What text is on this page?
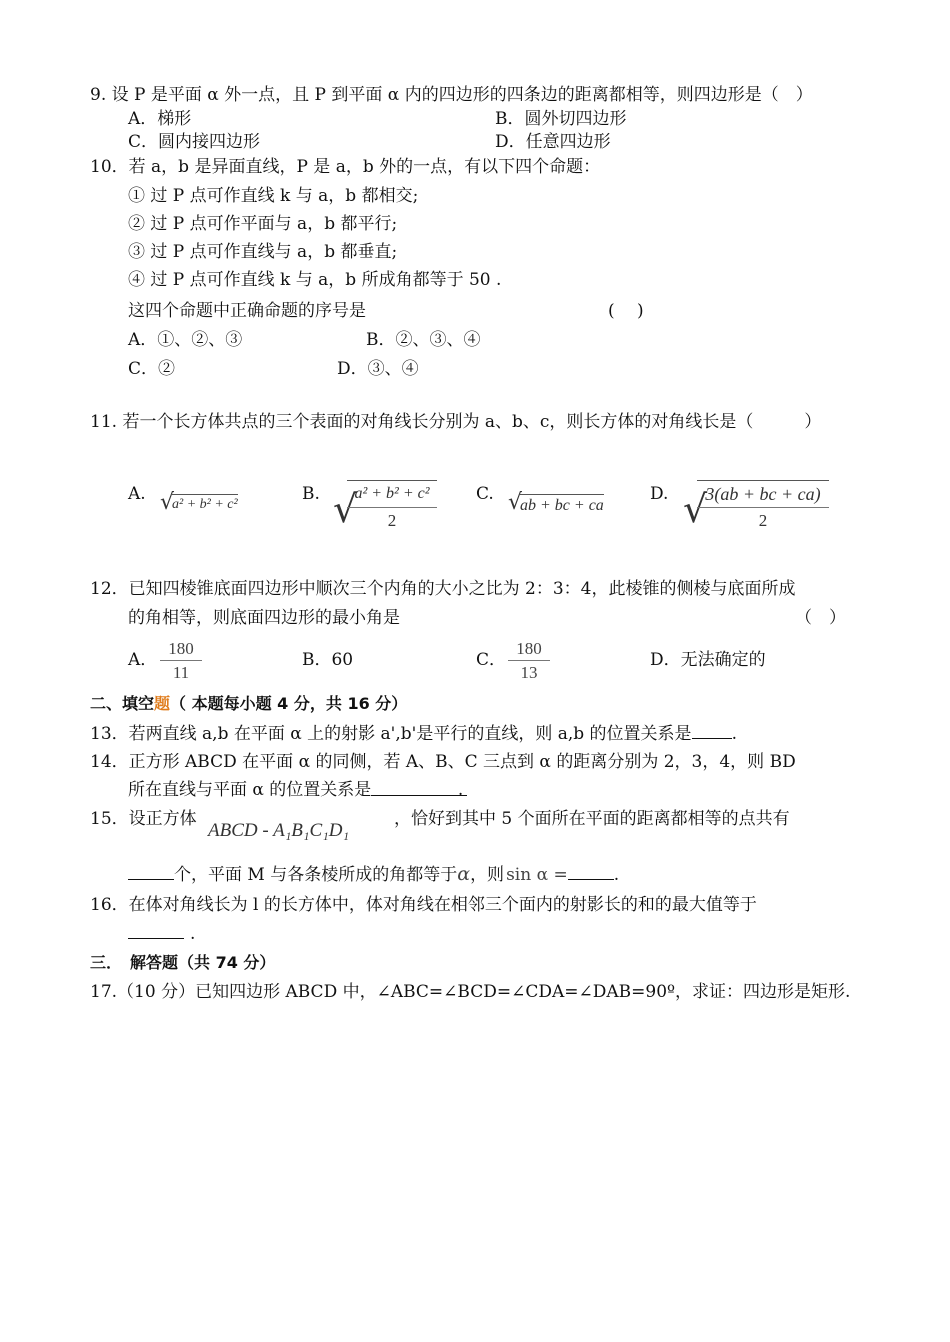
9. 设 P 是平面 α 外一点，且 P 到平面 α 内的四边形的四条边的距离都相等，则四边形是（　）
A．梯形	B．圆外切四边形
C．圆内接四边形	D．任意四边形
10．若 a，b 是异面直线，P 是 a，b 外的一点，有以下四个命题：
① 过 P 点可作直线 k 与 a，b 都相交;
② 过 P 点可作平面与 a，b 都平行;
③ 过 P 点可作直线与 a，b 都垂直;
④ 过 P 点可作直线 k 与 a，b 所成角都等于 50 .
这四个命题中正确命题的序号是	(　 )
A．①、②、③	B．②、③、④
C．②	D．③、④
11. 若一个长方体共点的三个表面的对角线长分别为 a、b、c，则长方体的对角线长是（　　　）
A. √
a² + b² + c²
B. √
$\frac{\text{a² + b² + c²}}{2} C$. √
ab + bc + ca
D. √
$\frac{3(ab + bc + ca)}{2}$
12．已知四棱锥底面四边形中顺次三个内角的大小之比为 2：3：4，此棱锥的侧棱与底面所成
的角相等，则底面四边形的最小角是	（　）
A． $\frac{180}{11}$	B．60	C． $\frac{180}{13}$	D．无法确定的
二、填空题（ 本题每小题 4 分，共 16 分）
13．若两直线 a,b 在平面 α 上的射影 a',b'是平行的直线，则 a,b 的位置关系是 .
14．正方形 ABCD 在平面 α 的同侧，若 A、B、C 三点到 α 的距离分别为 2，3，4，则 BD
所在直线与平面 α 的位置关系是	.
15．设正方体
ABCD - A₁B₁C₁D₁
，恰好到其中 5 个面所在平面的距离都相等的点共有
个，平面 M 与各条棱所成的角都等于α，则 sin α =	.
16．在体对角线长为 l 的长方体中，体对角线在相邻三个面内的射影长的和的最大值等于
.
三．　解答题（共 74 分）
17.（10 分）已知四边形 ABCD 中，∠ABC=∠BCD=∠CDA=∠DAB=90º，求证：四边形是矩形.
